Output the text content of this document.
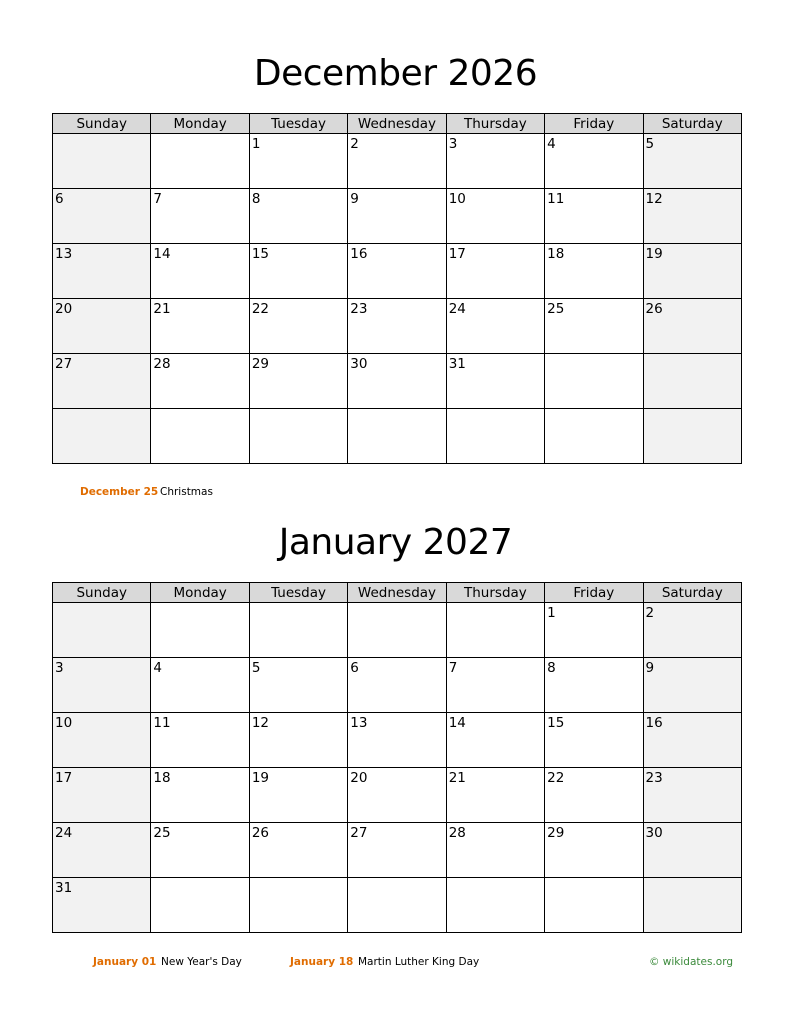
December 2026
Sunday	Monday	Tuesday	Wednesday	Thursday	Friday	Saturday

		1	2	3	4	5

6	7	8	9	10	11	12

13	14	15	16	17	18	19

20	21	22	23	24	25	26

27	28	29	30	31		

December 25 Christmas
January 2027
Sunday	Monday	Tuesday	Wednesday	Thursday	Friday	Saturday

					1	2

3	4	5	6	7	8	9

10	11	12	13	14	15	16

17	18	19	20	21	22	23

24	25	26	27	28	29	30

31						

January 01 New Year's Day	January 18 Martin Luther King Day	© wikidates.org
